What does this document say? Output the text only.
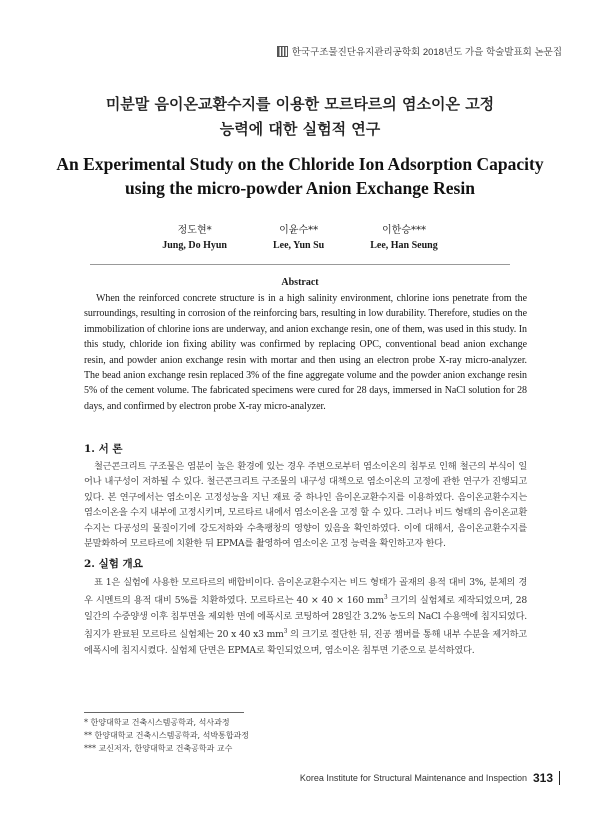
한국구조물진단유지관리공학회 2018년도 가을 학술발표회 논문집
미분말 음이온교환수지를 이용한 모르타르의 염소이온 고정
능력에 대한 실험적 연구
An Experimental Study on the Chloride Ion Adsorption Capacity
using the micro-powder Anion Exchange Resin
정도현*
Jung, Do Hyun
이윤수**
Lee, Yun Su
이한승***
Lee, Han Seung
Abstract

When the reinforced concrete structure is in a high salinity environment, chlorine ions penetrate from the surroundings, resulting in corrosion of the reinforcing bars, resulting in low durability. Therefore, studies on the immobilization of chlorine ions are underway, and anion exchange resin, one of them, was used in this study. In this study, chloride ion fixing ability was confirmed by replacing OPC, conventional bead anion exchange resin, and powder anion exchange resin with mortar and then using an electron probe X-ray micro-analyzer. The bead anion exchange resin replaced 3% of the fine aggregate volume and the powder anion exchange resin 5% of the cement volume. The fabricated specimens were cured for 28 days, immersed in NaCl solution for 28 days, and confirmed by electron probe X-ray micro-analyzer.

1. 서 론

철근콘크리트 구조물은 염분이 높은 환경에 있는 경우 주변으로부터 염소이온의 침투로 인해 철근의 부식이 일어나 내구성이 저하될 수 있다. 철근콘크리트 구조물의 내구성 대책으로 염소이온의 고정에 관한 연구가 진행되고 있다. 본 연구에서는 염소이온 고정성능을 지닌 재료 중 하나인 음이온교환수지를 이용하였다. 음이온교환수지는 염소이온을 수지 내부에 고정시키며, 모르타르 내에서 염소이온을 고정 할 수 있다. 그러나 비드 형태의 음이온교환수지는 다공성의 물질이기에 강도저하와 수축팽창의 영향이 있음을 확인하였다. 이에 대해서, 음이온교환수지를 분말화하여 모르타르에 치환한 뒤 EPMA를 촬영하여 염소이온 고정 능력을 확인하고자 한다.

2. 실험 개요

표 1은 실험에 사용한 모르타르의 배합비이다. 음이온교환수지는 비드 형태가 골재의 용적 대비 3%, 분체의 경우 시멘트의 용적 대비 5%를 치환하였다. 모르타르는 40 × 40 × 160 $mm^3$ 크기의 실험체로 제작되었으며, 28일간의 수중양생 이후 침투면을 제외한 면에 에폭시로 코팅하여 28일간 3.2% 농도의 NaCl 수용액에 침지되었다. 침지가 완료된 모르타르 실험체는 20 x 40 x3 $mm^3$ 의 크기로 절단한 뒤, 진공 챔버를 통해 내부 수분을 제거하고 에폭시에 침지시켰다. 실험체 단면은 EPMA로 확인되었으며, 염소이온 침투면 기준으로 분석하였다.

* 한양대학교 건축시스템공학과, 석사과정
** 한양대학교 건축시스템공학과, 석박통합과정
*** 교신저자, 한양대학교 건축공학과 교수
Korea Institute for Structural Maintenance and Inspection 313
